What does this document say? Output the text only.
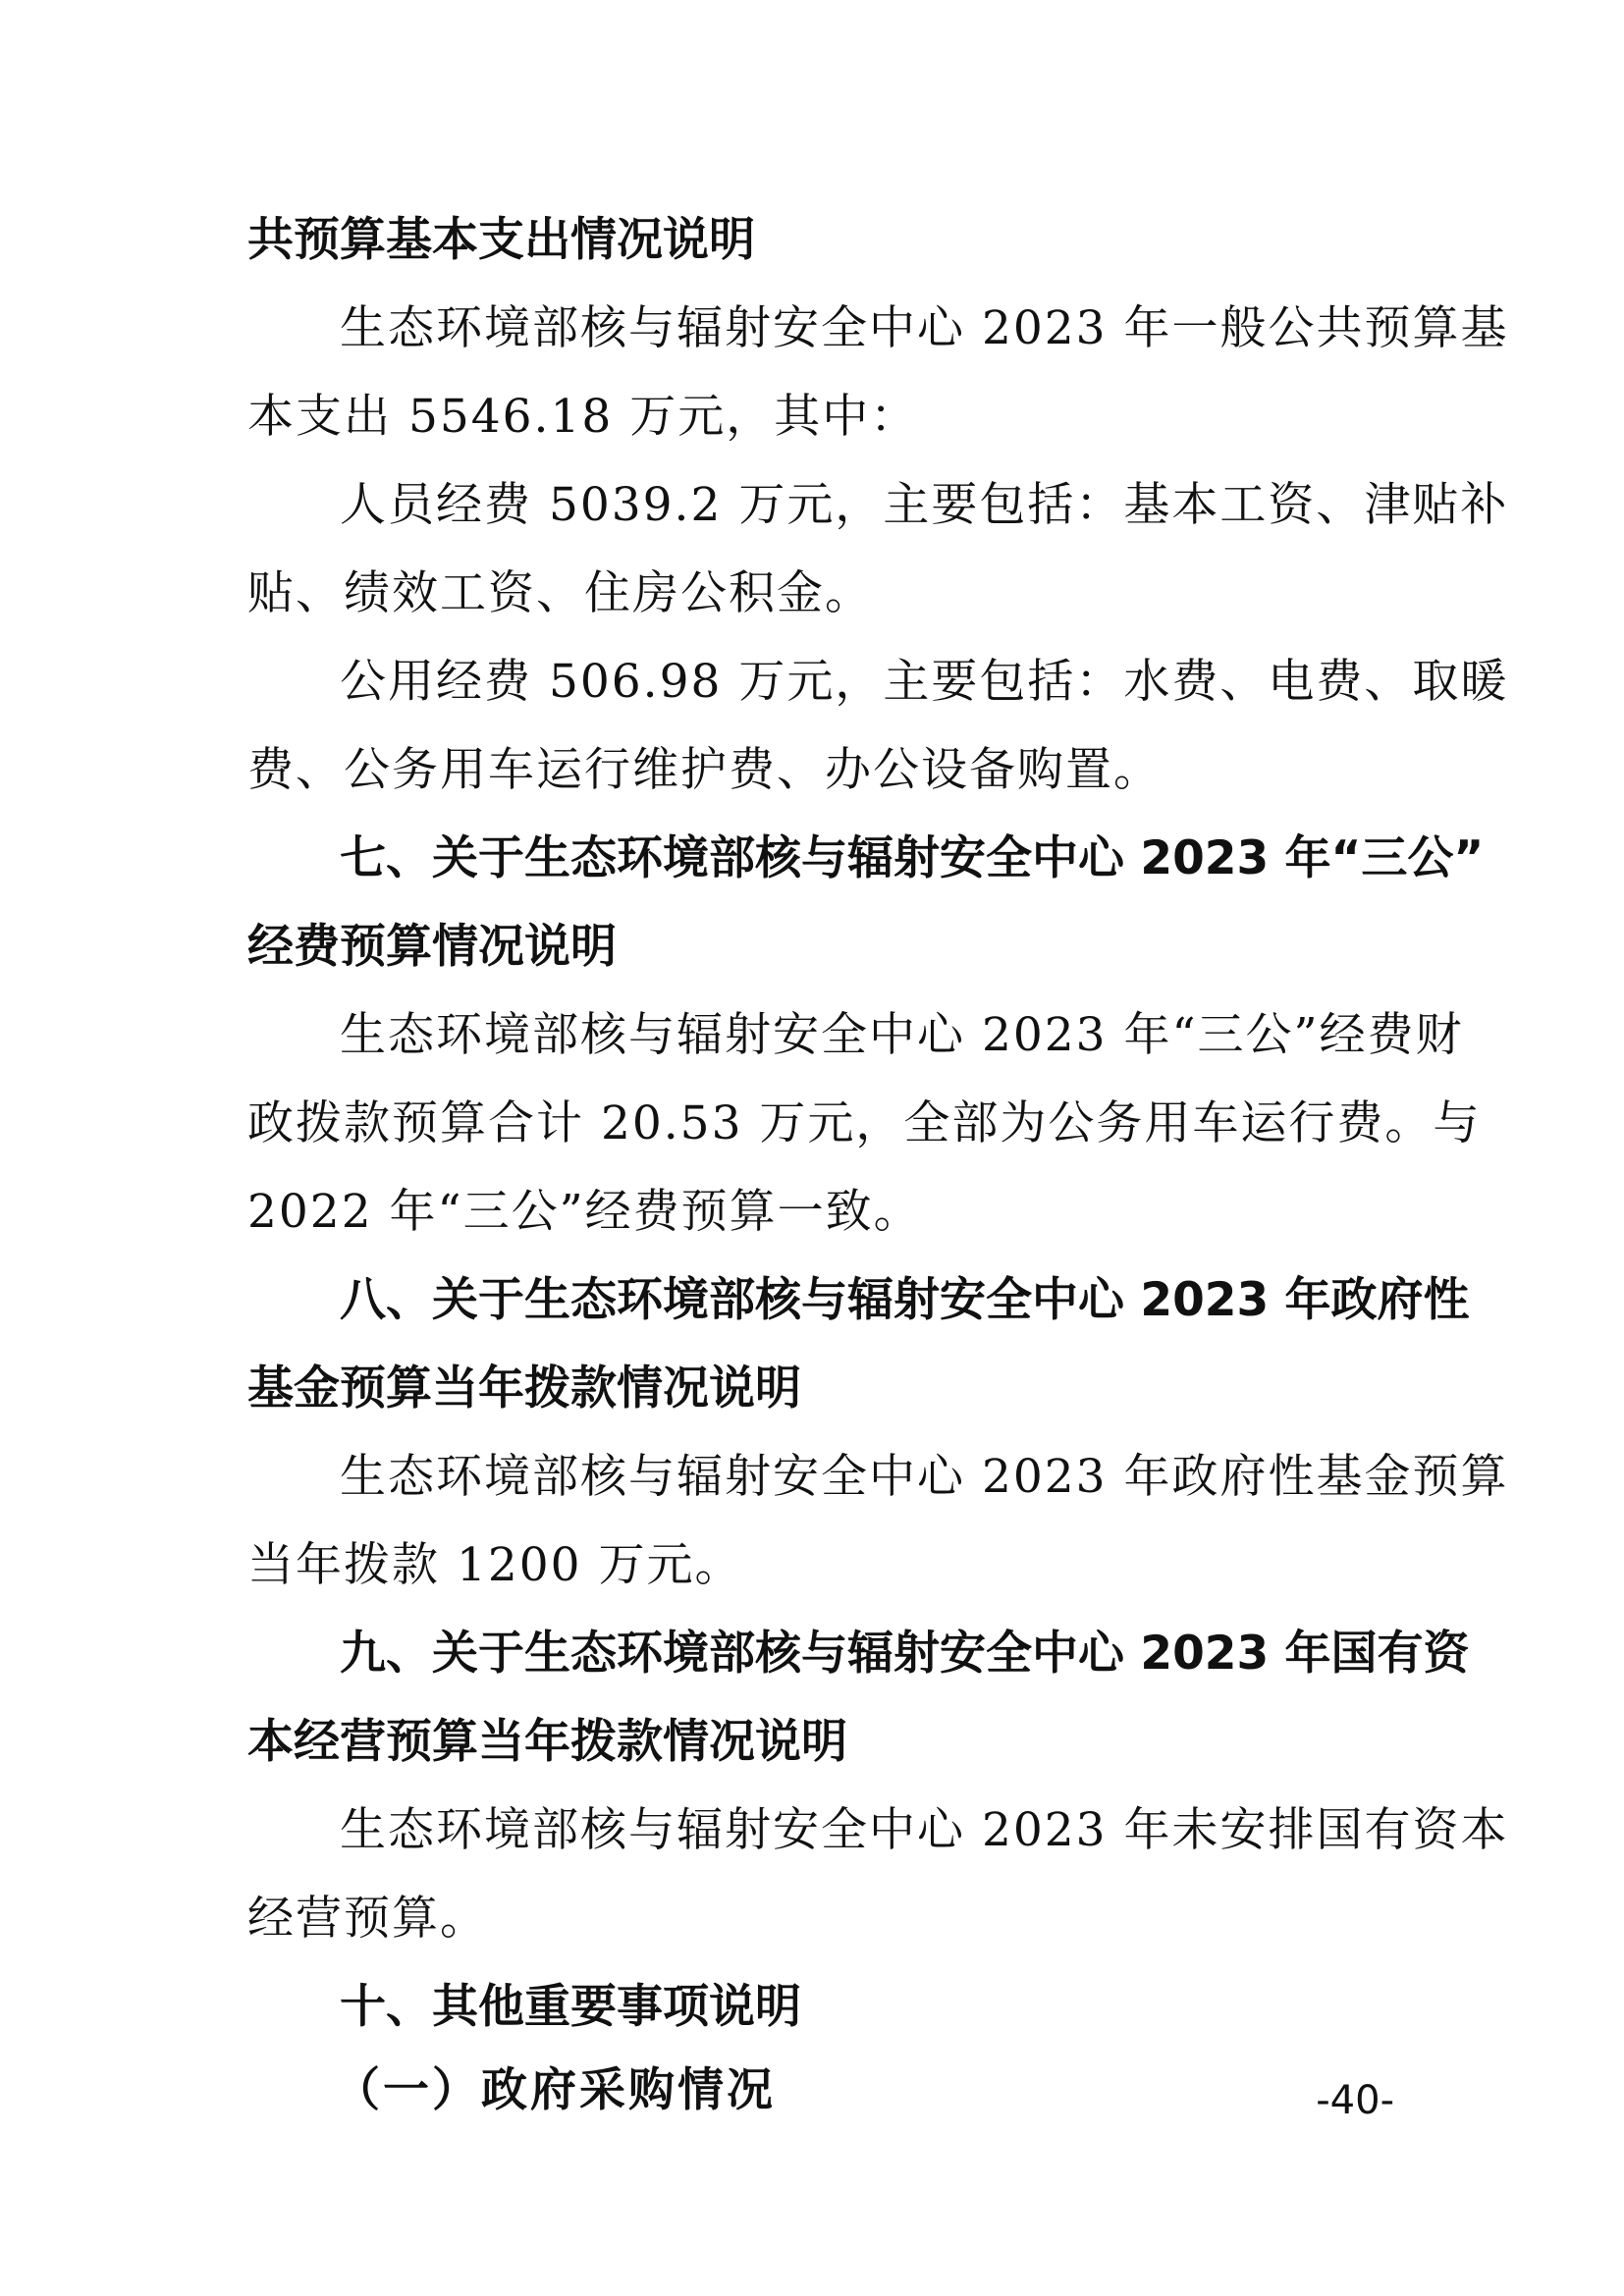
共预算基本支出情况说明

生态环境部核与辐射安全中心 2023 年一般公共预算基

本支出 5546.18 万元，其中：

人员经费 5039.2 万元，主要包括：基本工资、津贴补

贴、绩效工资、住房公积金。

公用经费 506.98 万元，主要包括：水费、电费、取暖

费、公务用车运行维护费、办公设备购置。

七、关于生态环境部核与辐射安全中心 2023 年“三公”

经费预算情况说明

生态环境部核与辐射安全中心 2023 年“三公”经费财

政拨款预算合计 20.53 万元，全部为公务用车运行费。与

2022 年“三公”经费预算一致。

八、关于生态环境部核与辐射安全中心 2023 年政府性

基金预算当年拨款情况说明

生态环境部核与辐射安全中心 2023 年政府性基金预算

当年拨款 1200 万元。

九、关于生态环境部核与辐射安全中心 2023 年国有资

本经营预算当年拨款情况说明

生态环境部核与辐射安全中心 2023 年未安排国有资本

经营预算。

十、其他重要事项说明

（一）政府采购情况	-40-
